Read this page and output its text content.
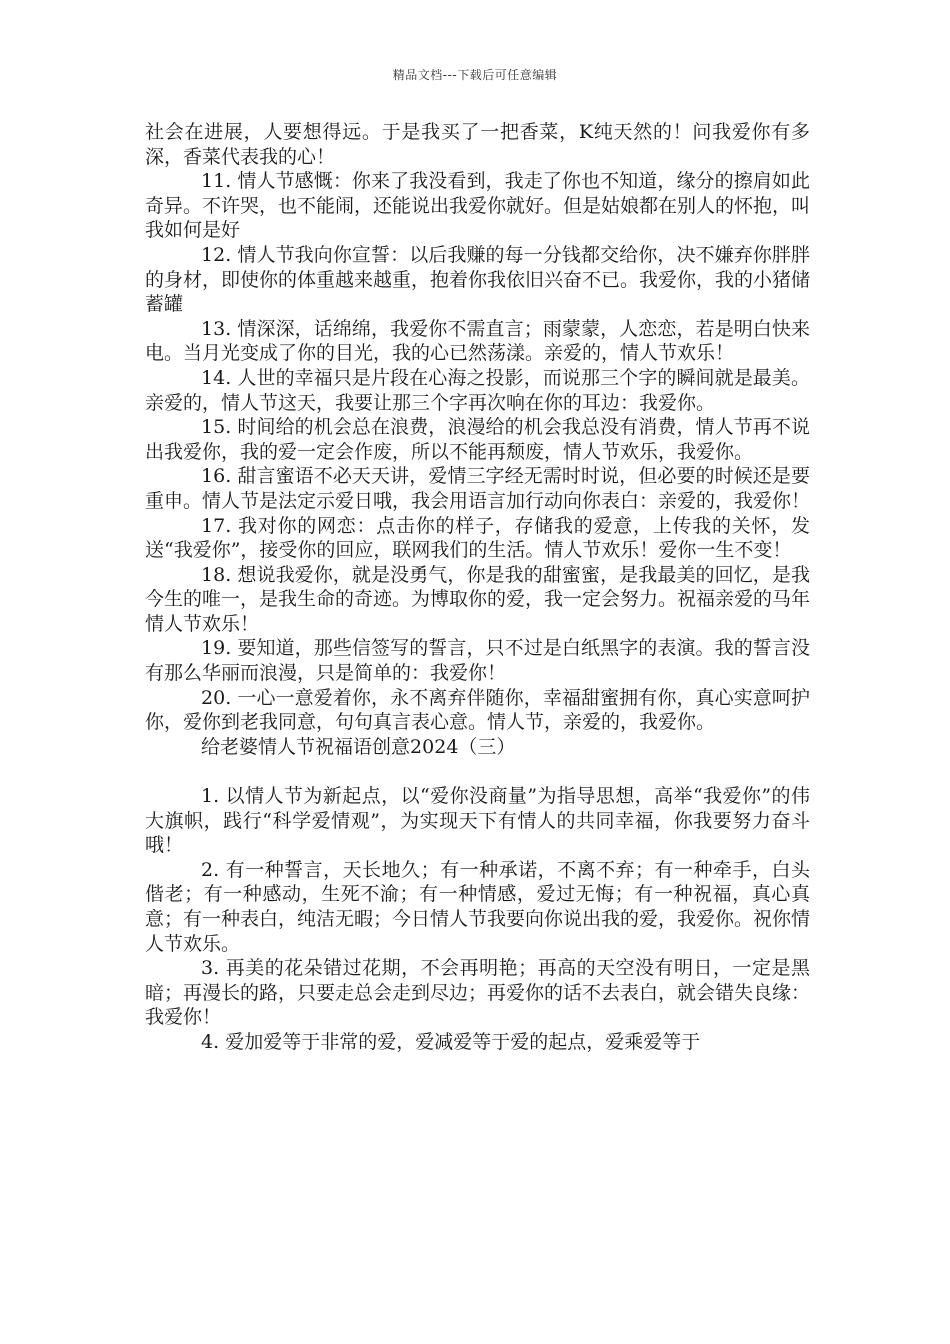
精品文档---下载后可任意编辑

社会在进展，人要想得远。于是我买了一把香菜，K纯天然的！问我爱你有多深，香菜代表我的心！

11. 情人节感慨：你来了我没看到，我走了你也不知道，缘分的擦肩如此奇异。不许哭，也不能闹，还能说出我爱你就好。但是姑娘都在别人的怀抱，叫我如何是好

12. 情人节我向你宣誓：以后我赚的每一分钱都交给你，决不嫌弃你胖胖的身材，即使你的体重越来越重，抱着你我依旧兴奋不已。我爱你，我的小猪储蓄罐

13. 情深深，话绵绵，我爱你不需直言；雨蒙蒙，人恋恋，若是明白快来电。当月光变成了你的目光，我的心已然荡漾。亲爱的，情人节欢乐！

14. 人世的幸福只是片段在心海之投影，而说那三个字的瞬间就是最美。亲爱的，情人节这天，我要让那三个字再次响在你的耳边：我爱你。

15. 时间给的机会总在浪费，浪漫给的机会我总没有消费，情人节再不说出我爱你，我的爱一定会作废，所以不能再颓废，情人节欢乐，我爱你。

16. 甜言蜜语不必天天讲，爱情三字经无需时时说，但必要的时候还是要重申。情人节是法定示爱日哦，我会用语言加行动向你表白：亲爱的，我爱你！

17. 我对你的网恋：点击你的样子，存储我的爱意，上传我的关怀，发送“我爱你”，接受你的回应，联网我们的生活。情人节欢乐！爱你一生不变！

18. 想说我爱你，就是没勇气，你是我的甜蜜蜜，是我最美的回忆，是我今生的唯一，是我生命的奇迹。为博取你的爱，我一定会努力。祝福亲爱的马年情人节欢乐！

19. 要知道，那些信签写的誓言，只不过是白纸黑字的表演。我的誓言没有那么华丽而浪漫，只是简单的：我爱你！

20. 一心一意爱着你，永不离弃伴随你，幸福甜蜜拥有你，真心实意呵护你，爱你到老我同意，句句真言表心意。情人节，亲爱的，我爱你。

给老婆情人节祝福语创意2024（三）

1. 以情人节为新起点，以“爱你没商量”为指导思想，高举“我爱你”的伟大旗帜，践行“科学爱情观”，为实现天下有情人的共同幸福，你我要努力奋斗哦！

2. 有一种誓言，天长地久；有一种承诺，不离不弃；有一种牵手，白头偕老；有一种感动，生死不渝；有一种情感，爱过无悔；有一种祝福，真心真意；有一种表白，纯洁无暇；今日情人节我要向你说出我的爱，我爱你。祝你情人节欢乐。

3. 再美的花朵错过花期，不会再明艳；再高的天空没有明日，一定是黑暗；再漫长的路，只要走总会走到尽边；再爱你的话不去表白，就会错失良缘：我爱你！

4. 爱加爱等于非常的爱，爱减爱等于爱的起点，爱乘爱等于
